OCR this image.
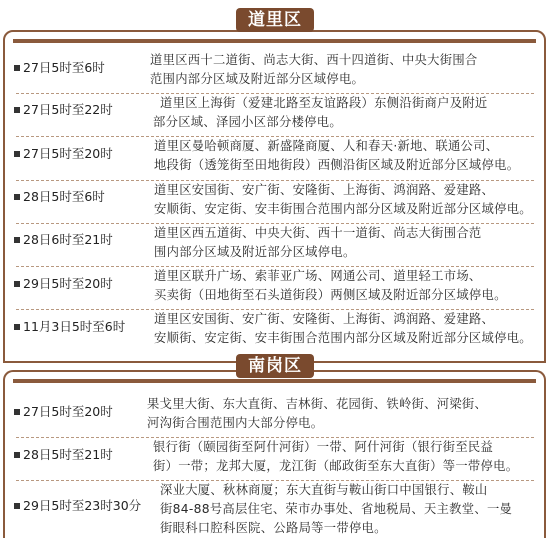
道里区
27日5时至6时	道里区西十二道街、尚志大街、西十四道街、中央大街围合
范围内部分区域及附近部分区域停电。
27日5时至22时	道里区上海街（爱建北路至友谊路段）东侧沿街商户及附近
部分区域、泽园小区部分楼停电。
27日5时至20时	道里区曼哈顿商厦、新盛隆商厦、人和春天·新地、联通公司、
地段街（透笼街至田地街段）西侧沿街区域及附近部分区域停电。
28日5时至6时	道里区安国街、安广街、安隆街、上海街、鸿润路、爱建路、
安顺街、安定街、安丰街围合范围内部分区域及附近部分区域停电。
28日6时至21时	道里区西五道街、中央大街、西十一道街、尚志大街围合范
围内部分区域及附近部分区域停电。
29日5时至20时	道里区联升广场、索菲亚广场、网通公司、道里轻工市场、
买卖街（田地街至石头道街段）两侧区域及附近部分区域停电。
11月3日5时至6时 道里区安国街、安广街、安隆街、上海街、鸿润路、爱建路、
安顺街、安定街、安丰街围合范围内部分区域及附近部分区域停电。
南岗区
27日5时至20时	果戈里大街、东大直街、吉林街、花园街、铁岭街、河梁街、
河沟街合围范围内大部分停电。
28日5时至21时	银行街（颐园街至阿什河街）一带、阿什河街（银行街至民益
街）一带；龙邦大厦，龙江街（邮政街至东大直街）等一带停电。
29日5时至23时30分
深业大厦、秋林商厦；东大直街与鞍山街口中国银行、鞍山
街84-88号高层住宅、荣市办事处、省地税局、天主教堂、一曼
街眼科口腔科医院、公路局等一带停电。
